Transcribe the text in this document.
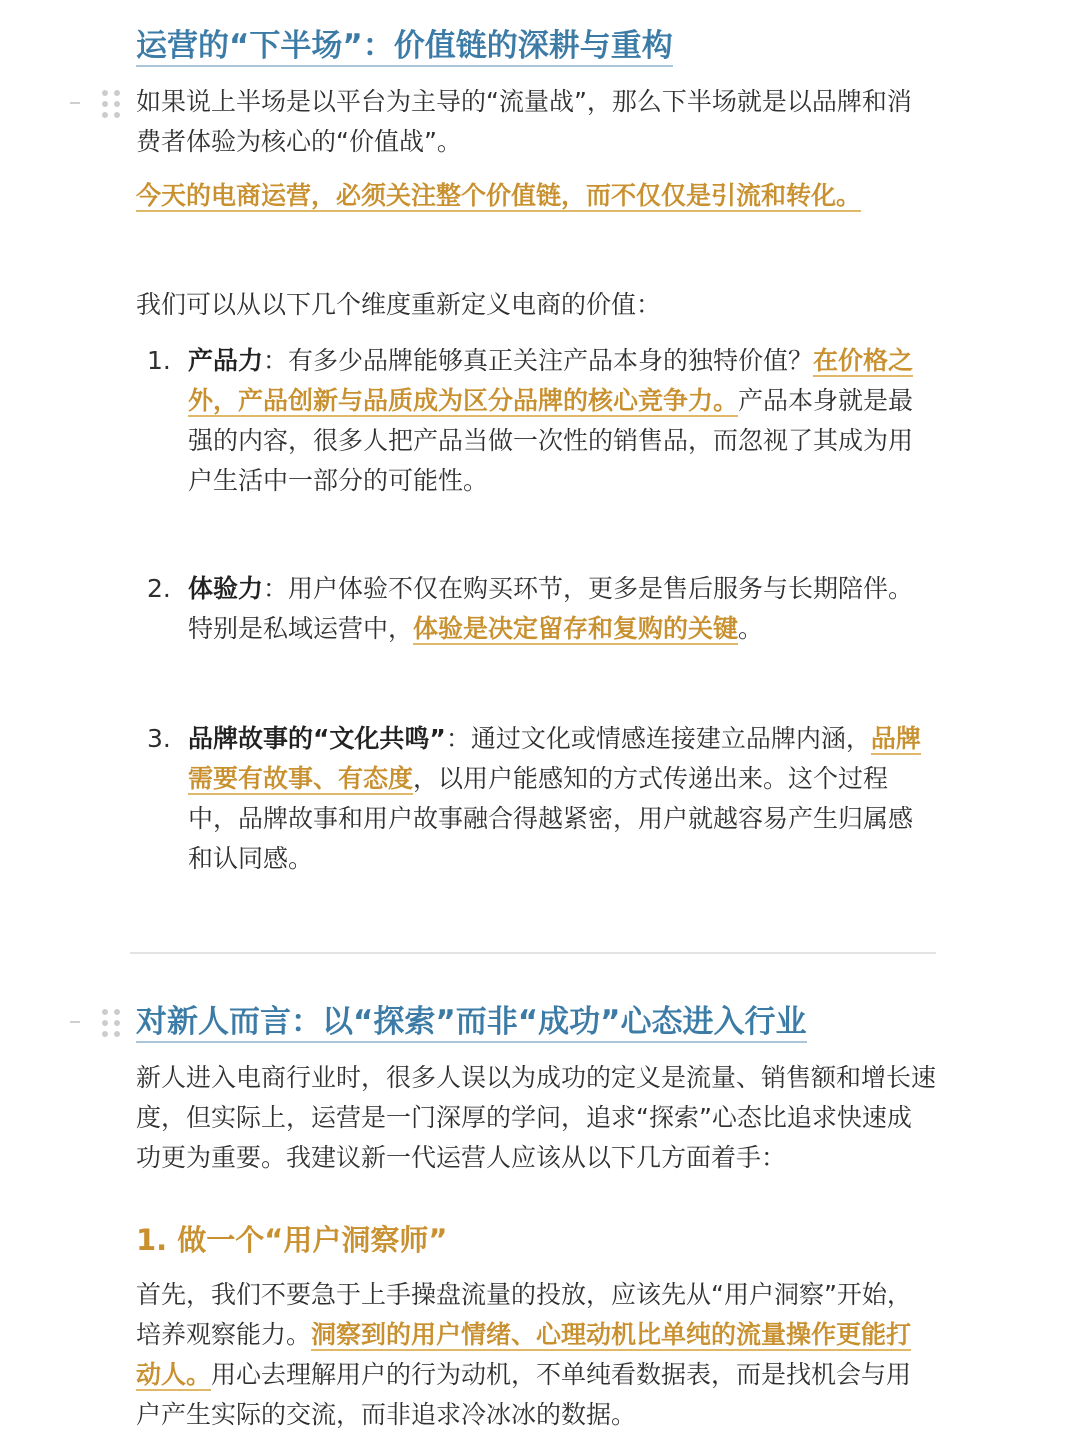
运营的“下半场”：价值链的深耕与重构
如果说上半场是以平台为主导的“流量战”，那么下半场就是以品牌和消费者体验为核心的“价值战”。
今天的电商运营，必须关注整个价值链，而不仅仅是引流和转化。
我们可以从以下几个维度重新定义电商的价值：
1. 产品力：有多少品牌能够真正关注产品本身的独特价值？在价格之外，产品创新与品质成为区分品牌的核心竞争力。产品本身就是最强的内容，很多人把产品当做一次性的销售品，而忽视了其成为用户生活中一部分的可能性。
2. 体验力：用户体验不仅在购买环节，更多是售后服务与长期陪伴。特别是私域运营中，体验是决定留存和复购的关键。
3. 品牌故事的“文化共鸣”：通过文化或情感连接建立品牌内涵，品牌需要有故事、有态度，以用户能感知的方式传递出来。这个过程中，品牌故事和用户故事融合得越紧密，用户就越容易产生归属感和认同感。
对新人而言：以“探索”而非“成功”心态进入行业
新人进入电商行业时，很多人误以为成功的定义是流量、销售额和增长速度，但实际上，运营是一门深厚的学问，追求“探索”心态比追求快速成功更为重要。我建议新一代运营人应该从以下几方面着手：
1. 做一个“用户洞察师”
首先，我们不要急于上手操盘流量的投放，应该先从“用户洞察”开始，培养观察能力。洞察到的用户情绪、心理动机比单纯的流量操作更能打动人。用心去理解用户的行为动机，不单纯看数据表，而是找机会与用户产生实际的交流，而非追求冷冰冰的数据。
